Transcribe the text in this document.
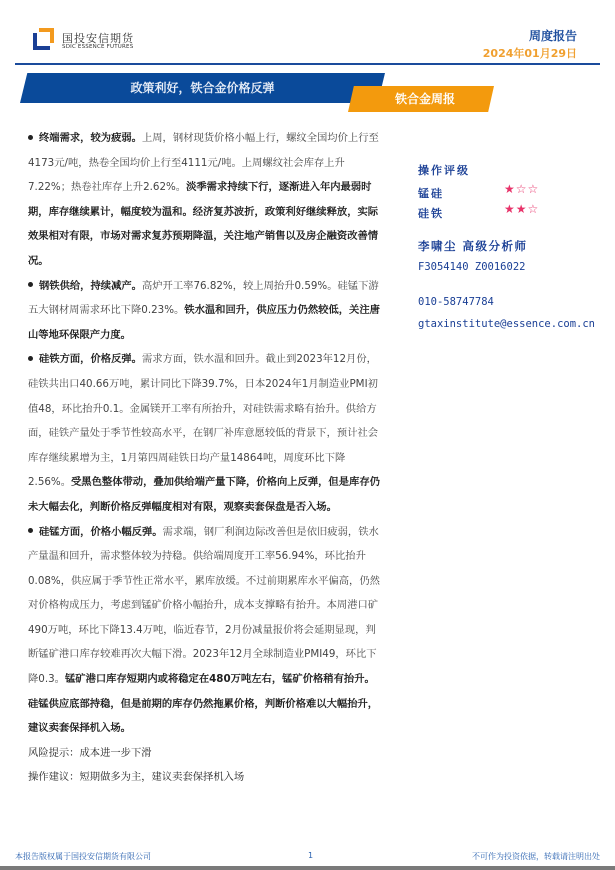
国投安信期货
SDIC ESSENCE FUTURES
周度报告
2024年01月29日
政策利好，铁合金价格反弹
铁合金周报

终端需求，较为疲弱。上周，钢材现货价格小幅上行，螺纹全国均价上行至4173元/吨，热卷全国均价上行至4111元/吨。上周螺纹社会库存上升7.22%；热卷社库存上升2.62%。淡季需求持续下行，逐渐进入年内最弱时期，库存继续累计，幅度较为温和。经济复苏波折，政策利好继续释放，实际效果相对有限，市场对需求复苏预期降温，关注地产销售以及房企融资改善情况。

钢铁供给，持续减产。高炉开工率76.82%，较上周抬升0.59%。硅锰下游五大钢材周需求环比下降0.23%。铁水温和回升，供应压力仍然较低，关注唐山等地环保限产力度。

硅铁方面，价格反弹。需求方面，铁水温和回升。截止到2023年12月份，硅铁共出口40.66万吨，累计同比下降39.7%，日本2024年1月制造业PMI初值48，环比抬升0.1。金属镁开工率有所抬升，对硅铁需求略有抬升。供给方面，硅铁产量处于季节性较高水平，在钢厂补库意愿较低的背景下，预计社会库存继续累增为主，1月第四周硅铁日均产量14864吨，周度环比下降2.56%。受黑色整体带动，叠加供给端产量下降，价格向上反弹，但是库存仍未大幅去化，判断价格反弹幅度相对有限，观察卖套保盘是否入场。

硅锰方面，价格小幅反弹。需求端，钢厂利润边际改善但是依旧疲弱，铁水产量温和回升，需求整体较为持稳。供给端周度开工率56.94%，环比抬升0.08%，供应属于季节性正常水平，累库放缓。不过前期累库水平偏高，仍然对价格构成压力，考虑到锰矿价格小幅抬升，成本支撑略有抬升。本周港口矿490万吨，环比下降13.4万吨，临近春节，2月份减量报价将会延期显现，判断锰矿港口库存较难再次大幅下滑。2023年12月全球制造业PMI49，环比下降0.3。锰矿港口库存短期内或将稳定在480万吨左右，锰矿价格稍有抬升。硅锰供应底部持稳，但是前期的库存仍然拖累价格，判断价格难以大幅抬升，建议卖套保择机入场。

风险提示：成本进一步下滑
操作建议：短期做多为主，建议卖套保择机入场
操作评级
锰硅	★☆☆
硅铁	★★☆
李啸尘 高级分析师
F3054140 Z0016022
010-58747784
gtaxinstitute@essence.com.cn
本报告版权属于国投安信期货有限公司	1	不可作为投资依据，转载请注明出处
